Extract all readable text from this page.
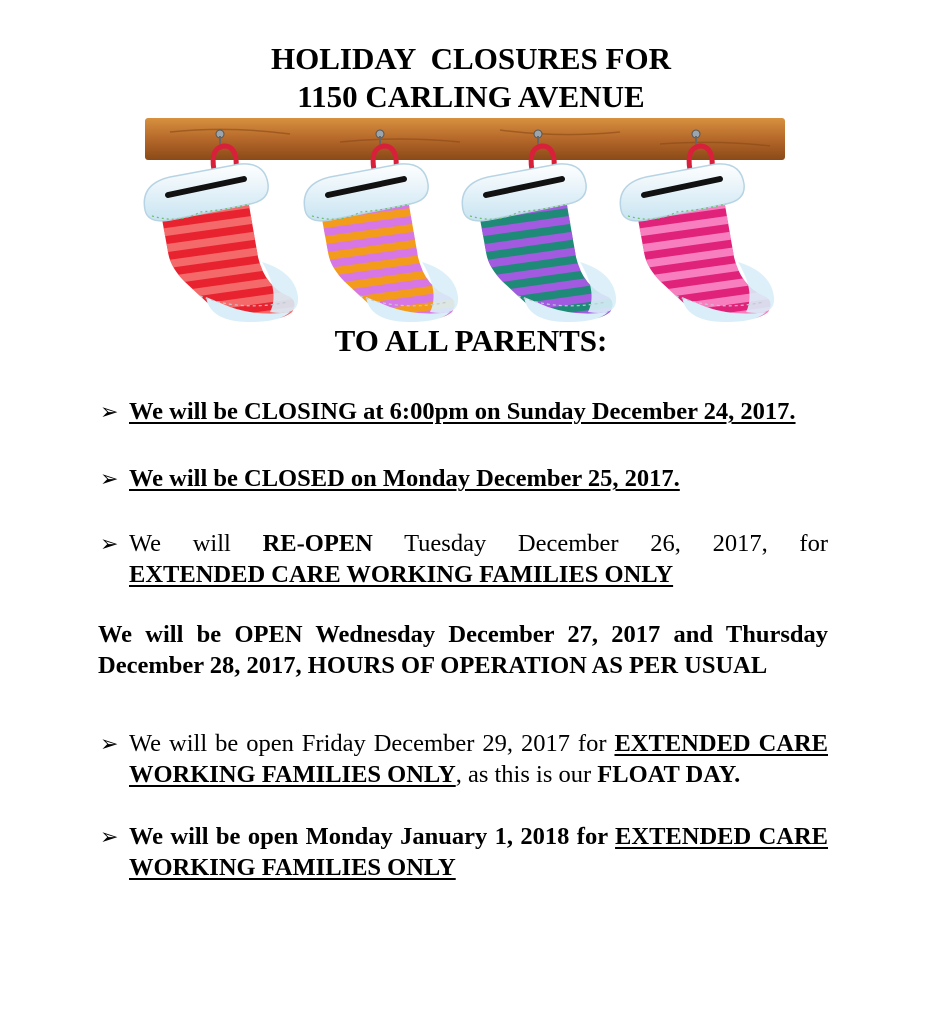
HOLIDAY  CLOSURES FOR
1150 CARLING AVENUE
TO ALL PARENTS:
➢ We will be CLOSING at 6:00pm on Sunday December 24, 2017.
➢ We will be CLOSED on Monday December 25, 2017.
➢ We will RE-OPEN Tuesday December 26, 2017, for
EXTENDED CARE WORKING FAMILIES ONLY
We will be OPEN Wednesday December 27, 2017 and Thursday December 28, 2017, HOURS OF OPERATION AS PER USUAL
➢ We will be open Friday December 29, 2017 for EXTENDED CARE WORKING FAMILIES ONLY, as this is our FLOAT DAY.
➢ We will be open Monday January 1, 2018 for EXTENDED CARE WORKING FAMILIES ONLY
